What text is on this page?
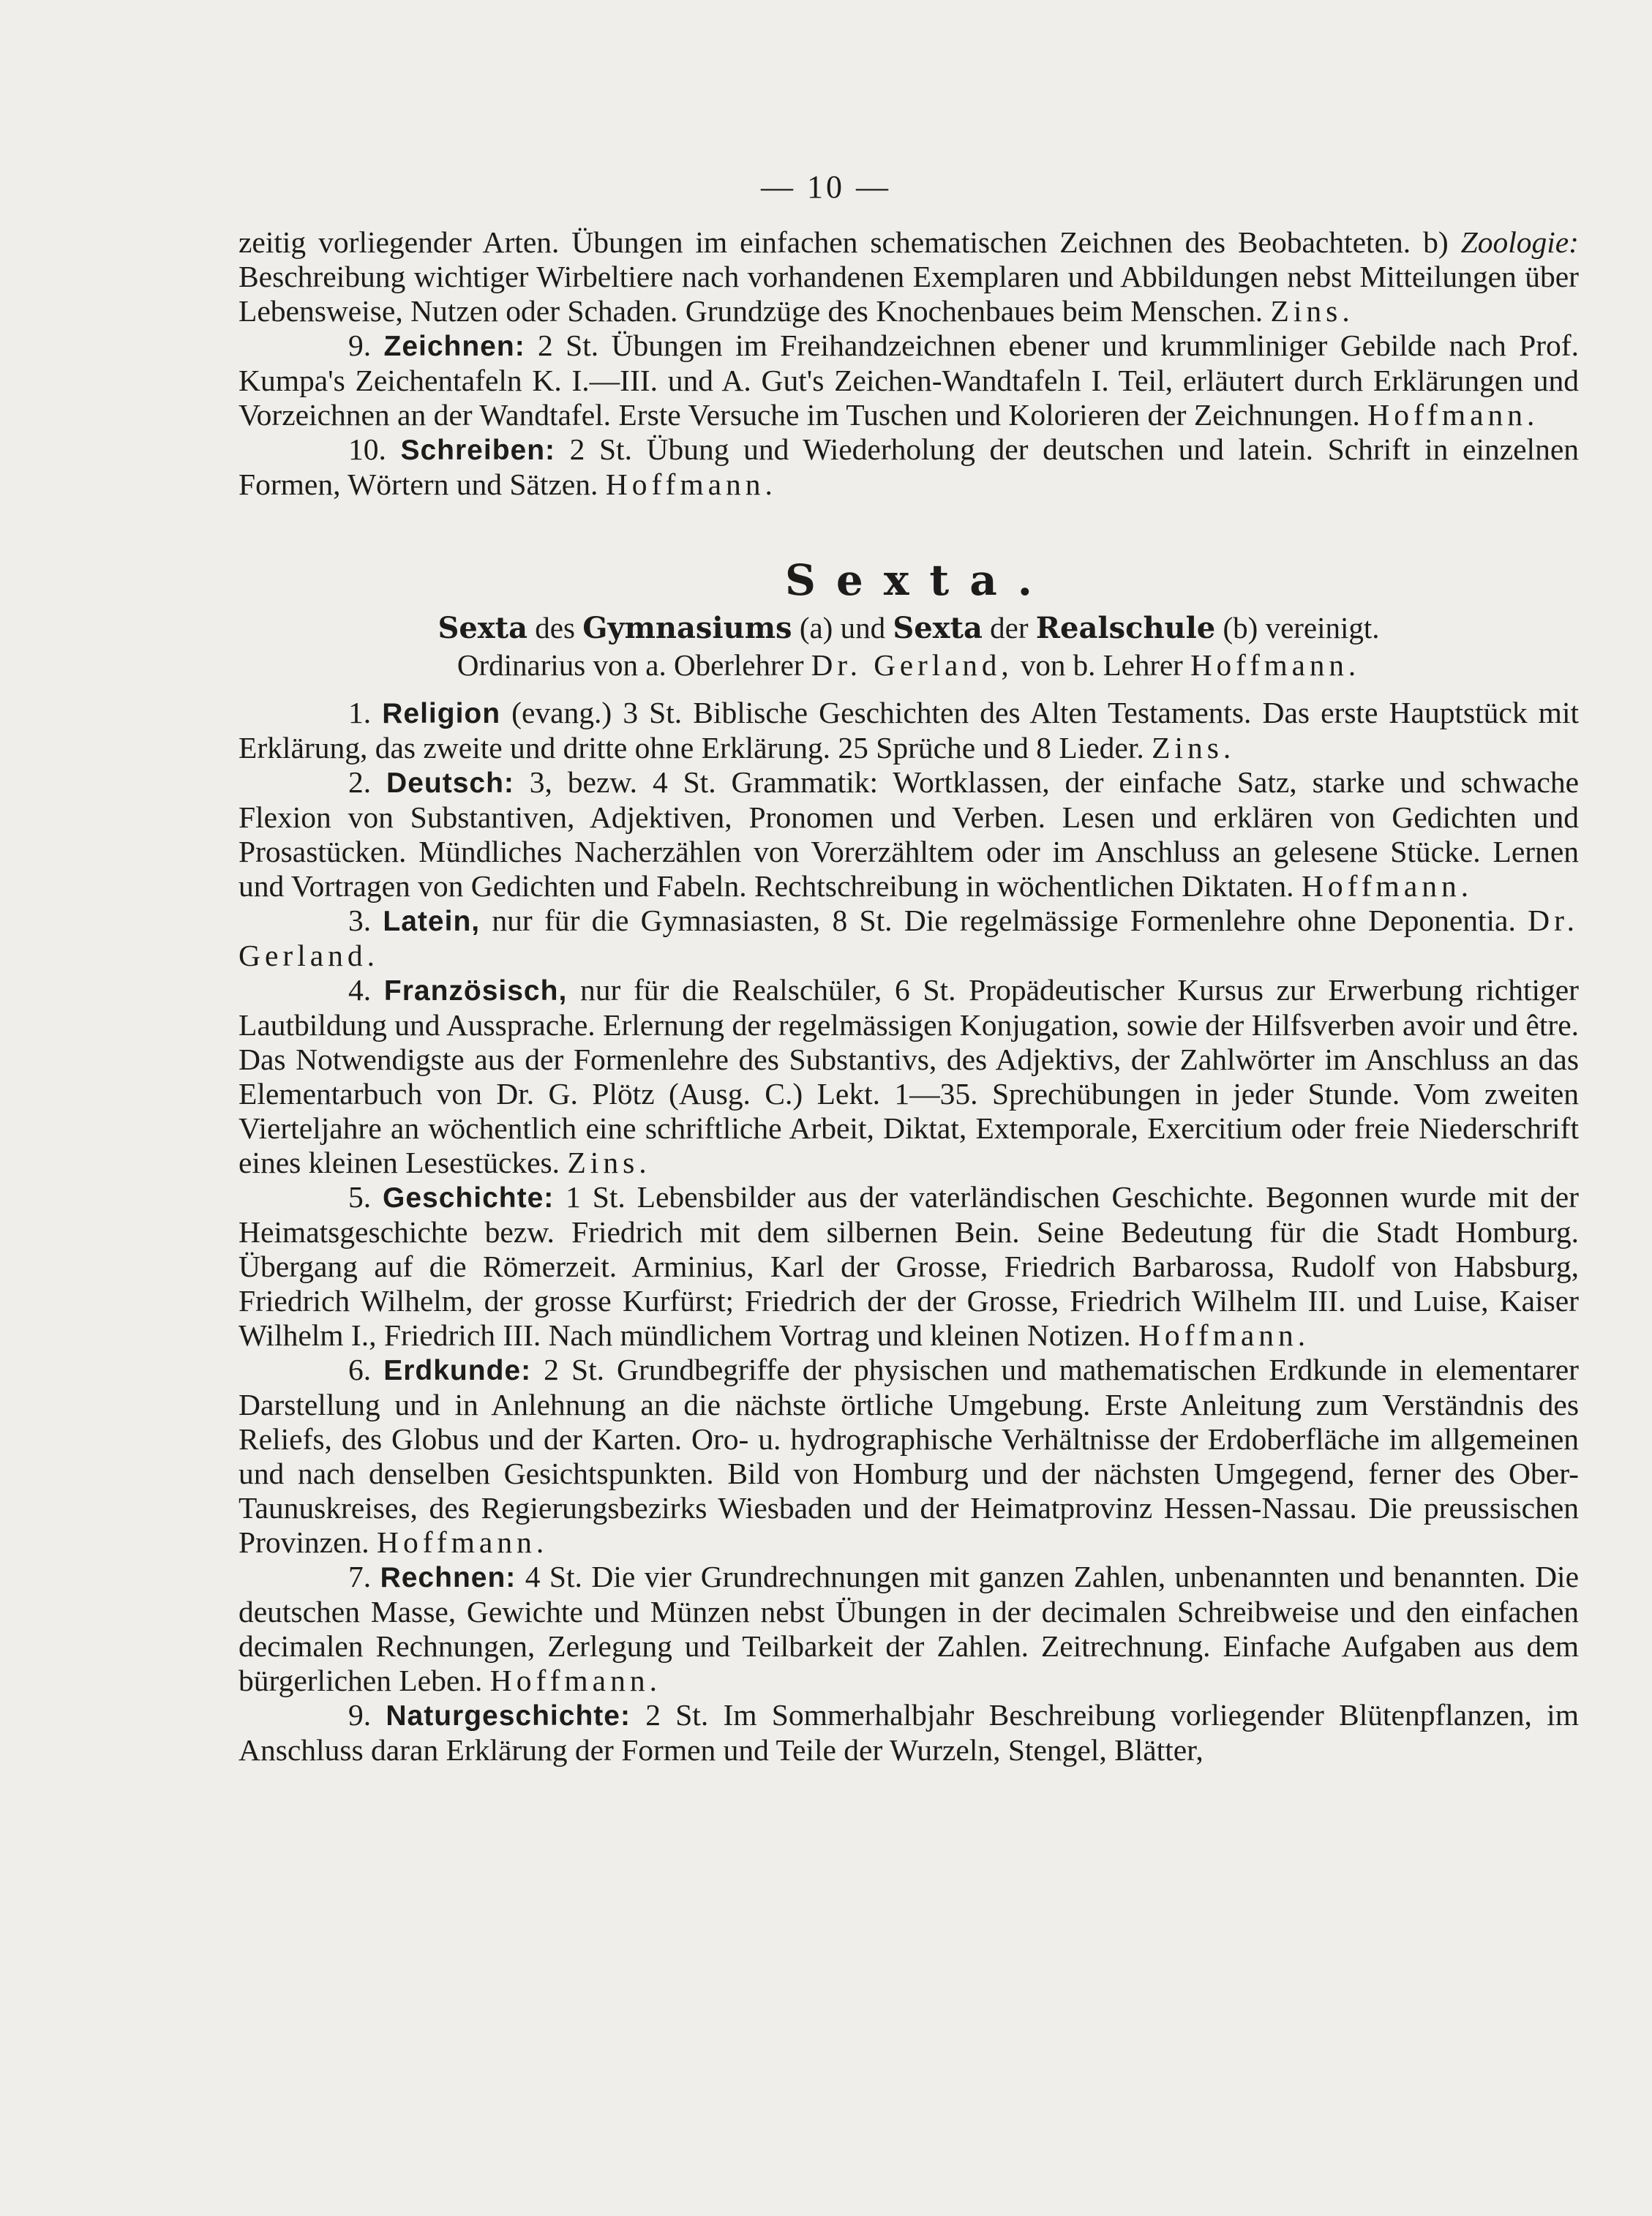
— 10 —

zeitig vorliegender Arten. Übungen im einfachen schematischen Zeichnen des Beobachteten. b) Zoologie: Beschreibung wichtiger Wirbeltiere nach vorhandenen Exemplaren und Abbildungen nebst Mitteilungen über Lebensweise, Nutzen oder Schaden. Grundzüge des Knochenbaues beim Menschen. Zins.

9. Zeichnen: 2 St. Übungen im Freihandzeichnen ebener und krummliniger Gebilde nach Prof. Kumpa's Zeichentafeln K. I.—III. und A. Gut's Zeichen-Wandtafeln I. Teil, erläutert durch Erklärungen und Vorzeichnen an der Wandtafel. Erste Versuche im Tuschen und Kolorieren der Zeichnungen. Hoffmann.

10. Schreiben: 2 St. Übung und Wiederholung der deutschen und latein. Schrift in einzelnen Formen, Wörtern und Sätzen. Hoffmann.

Sexta.
Sexta des Gymnasiums (a) und Sexta der Realschule (b) vereinigt.
Ordinarius von a. Oberlehrer Dr. Gerland, von b. Lehrer Hoffmann.

1. Religion (evang.) 3 St. Biblische Geschichten des Alten Testaments. Das erste Hauptstück mit Erklärung, das zweite und dritte ohne Erklärung. 25 Sprüche und 8 Lieder. Zins.

2. Deutsch: 3, bezw. 4 St. Grammatik: Wortklassen, der einfache Satz, starke und schwache Flexion von Substantiven, Adjektiven, Pronomen und Verben. Lesen und erklären von Gedichten und Prosastücken. Mündliches Nacherzählen von Vorerzähltem oder im Anschluss an gelesene Stücke. Lernen und Vortragen von Gedichten und Fabeln. Rechtschreibung in wöchentlichen Diktaten. Hoffmann.

3. Latein, nur für die Gymnasiasten, 8 St. Die regelmässige Formenlehre ohne Deponentia. Dr. Gerland.

4. Französisch, nur für die Realschüler, 6 St. Propädeutischer Kursus zur Erwerbung richtiger Lautbildung und Aussprache. Erlernung der regelmässigen Konjugation, sowie der Hilfsverben avoir und être. Das Notwendigste aus der Formenlehre des Substantivs, des Adjektivs, der Zahlwörter im Anschluss an das Elementarbuch von Dr. G. Plötz (Ausg. C.) Lekt. 1—35. Sprechübungen in jeder Stunde. Vom zweiten Vierteljahre an wöchentlich eine schriftliche Arbeit, Diktat, Extemporale, Exercitium oder freie Niederschrift eines kleinen Lesestückes. Zins.

5. Geschichte: 1 St. Lebensbilder aus der vaterländischen Geschichte. Begonnen wurde mit der Heimatsgeschichte bezw. Friedrich mit dem silbernen Bein. Seine Bedeutung für die Stadt Homburg. Übergang auf die Römerzeit. Arminius, Karl der Grosse, Friedrich Barbarossa, Rudolf von Habsburg, Friedrich Wilhelm, der grosse Kurfürst; Friedrich der der Grosse, Friedrich Wilhelm III. und Luise, Kaiser Wilhelm I., Friedrich III. Nach mündlichem Vortrag und kleinen Notizen. Hoffmann.

6. Erdkunde: 2 St. Grundbegriffe der physischen und mathematischen Erdkunde in elementarer Darstellung und in Anlehnung an die nächste örtliche Umgebung. Erste Anleitung zum Verständnis des Reliefs, des Globus und der Karten. Oro- u. hydrographische Verhältnisse der Erdoberfläche im allgemeinen und nach denselben Gesichtspunkten. Bild von Homburg und der nächsten Umgegend, ferner des Ober-Taunuskreises, des Regierungsbezirks Wiesbaden und der Heimatprovinz Hessen-Nassau. Die preussischen Provinzen. Hoffmann.

7. Rechnen: 4 St. Die vier Grundrechnungen mit ganzen Zahlen, unbenannten und benannten. Die deutschen Masse, Gewichte und Münzen nebst Übungen in der decimalen Schreibweise und den einfachen decimalen Rechnungen, Zerlegung und Teilbarkeit der Zahlen. Zeitrechnung. Einfache Aufgaben aus dem bürgerlichen Leben. Hoffmann.

9. Naturgeschichte: 2 St. Im Sommerhalbjahr Beschreibung vorliegender Blütenpflanzen, im Anschluss daran Erklärung der Formen und Teile der Wurzeln, Stengel, Blätter,
